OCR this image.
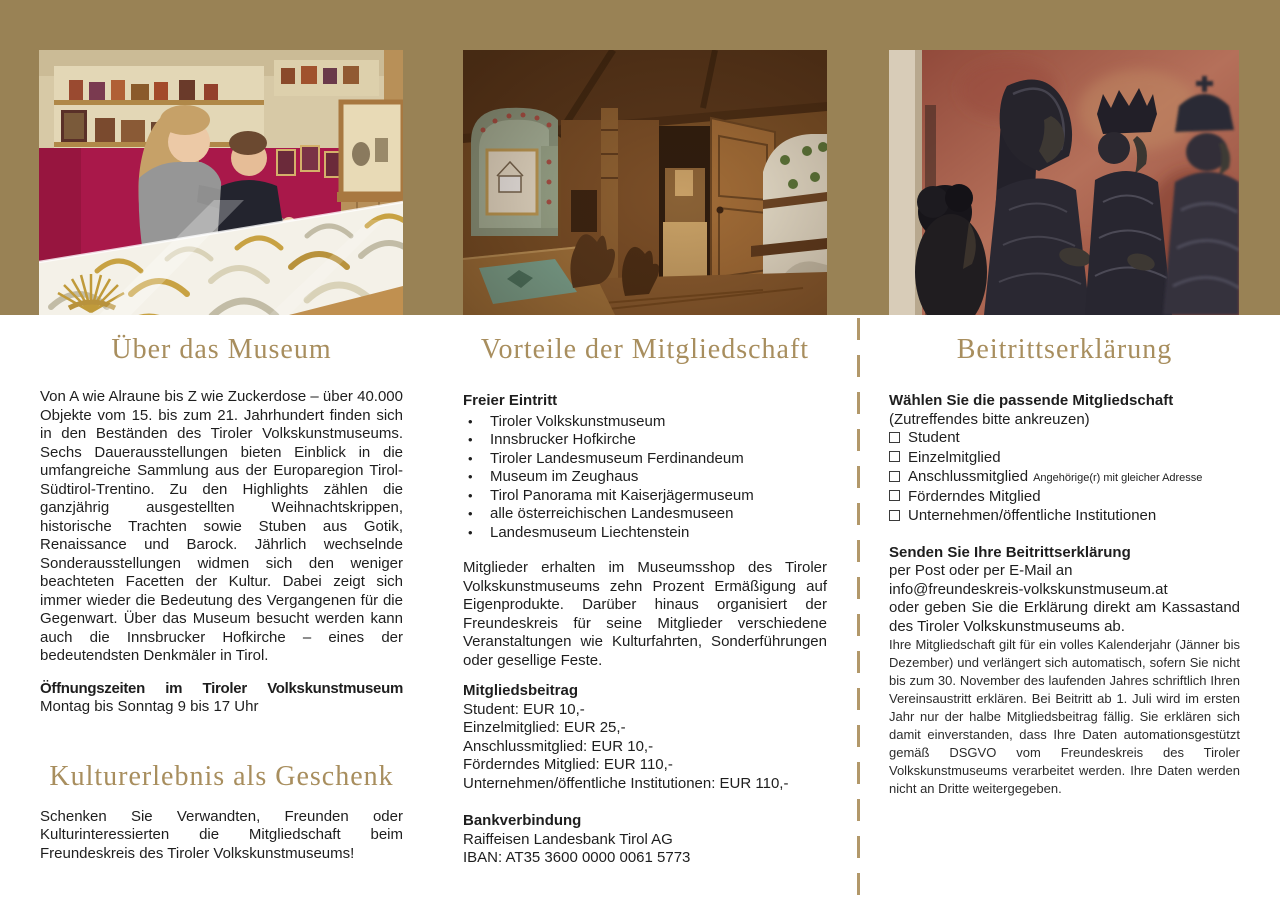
Über das Museum

Von A wie Alraune bis Z wie Zuckerdose – über 40.000 Objekte vom 15. bis zum 21. Jahrhundert finden sich in den Beständen des Tiroler Volkskunstmuseums. Sechs Dauerausstellungen bieten Einblick in die umfangreiche Sammlung aus der Europaregion Tirol-Südtirol-Trentino. Zu den Highlights zählen die ganzjährig ausgestellten Weihnachtskrippen, historische Trachten sowie Stuben aus Gotik, Renaissance und Barock. Jährlich wechselnde Sonderausstellungen widmen sich den weniger beachteten Facetten der Kultur. Dabei zeigt sich immer wieder die Bedeutung des Vergangenen für die Gegenwart. Über das Museum besucht werden kann auch die Innsbrucker Hofkirche – eines der bedeutendsten Denkmäler in Tirol.

Öffnungszeiten im Tiroler Volkskunstmuseum
Montag bis Sonntag 9 bis 17 Uhr
Kulturerlebnis als Geschenk

Schenken Sie Verwandten, Freunden oder Kulturinteressierten die Mitgliedschaft beim Freundeskreis des Tiroler Volkskunstmuseums!

Vorteile der Mitgliedschaft
Freier Eintritt
•
Tiroler Volkskunstmuseum
•
Innsbrucker Hofkirche
•
Tiroler Landesmuseum Ferdinandeum
•
Museum im Zeughaus
•
Tirol Panorama mit Kaiserjägermuseum
•
alle österreichischen Landesmuseen
•
Landesmuseum Liechtenstein

Mitglieder erhalten im Museumsshop des Tiroler Volkskunstmuseums zehn Prozent Ermäßigung auf Eigenprodukte. Darüber hinaus organisiert der Freundeskreis für seine Mitglieder verschiedene Veranstaltungen wie Kulturfahrten, Sonderführungen oder gesellige Feste.

Mitgliedsbeitrag
Student: EUR 10,-
Einzelmitglied: EUR 25,-
Anschlussmitglied: EUR 10,-
Förderndes Mitglied: EUR 110,-
Unternehmen/öffentliche Institutionen: EUR 110,-
Bankverbindung
Raiffeisen Landesbank Tirol AG
IBAN: AT35 3600 0000 0061 5773
Beitrittserklärung
Wählen Sie die passende Mitgliedschaft
(Zutreffendes bitte ankreuzen)
Student
Einzelmitglied
Anschlussmitglied Angehörige(r) mit gleicher Adresse
Förderndes Mitglied
Unternehmen/öffentliche Institutionen
Senden Sie Ihre Beitrittserklärung
per Post oder per E-Mail an
info@freundeskreis-volkskunstmuseum.at

oder geben Sie die Erklärung direkt am Kassastand des Tiroler Volkskunstmuseums ab.

Ihre Mitgliedschaft gilt für ein volles Kalenderjahr (Jänner bis Dezember) und verlängert sich automatisch, sofern Sie nicht bis zum 30. November des laufenden Jahres schriftlich Ihren Vereinsaustritt erklären. Bei Beitritt ab 1. Juli wird im ersten Jahr nur der halbe Mitgliedsbeitrag fällig. Sie erklären sich damit einverstanden, dass Ihre Daten automationsgestützt gemäß DSGVO vom Freundeskreis des Tiroler Volkskunstmuseums verarbeitet werden. Ihre Daten werden nicht an Dritte weitergegeben.
